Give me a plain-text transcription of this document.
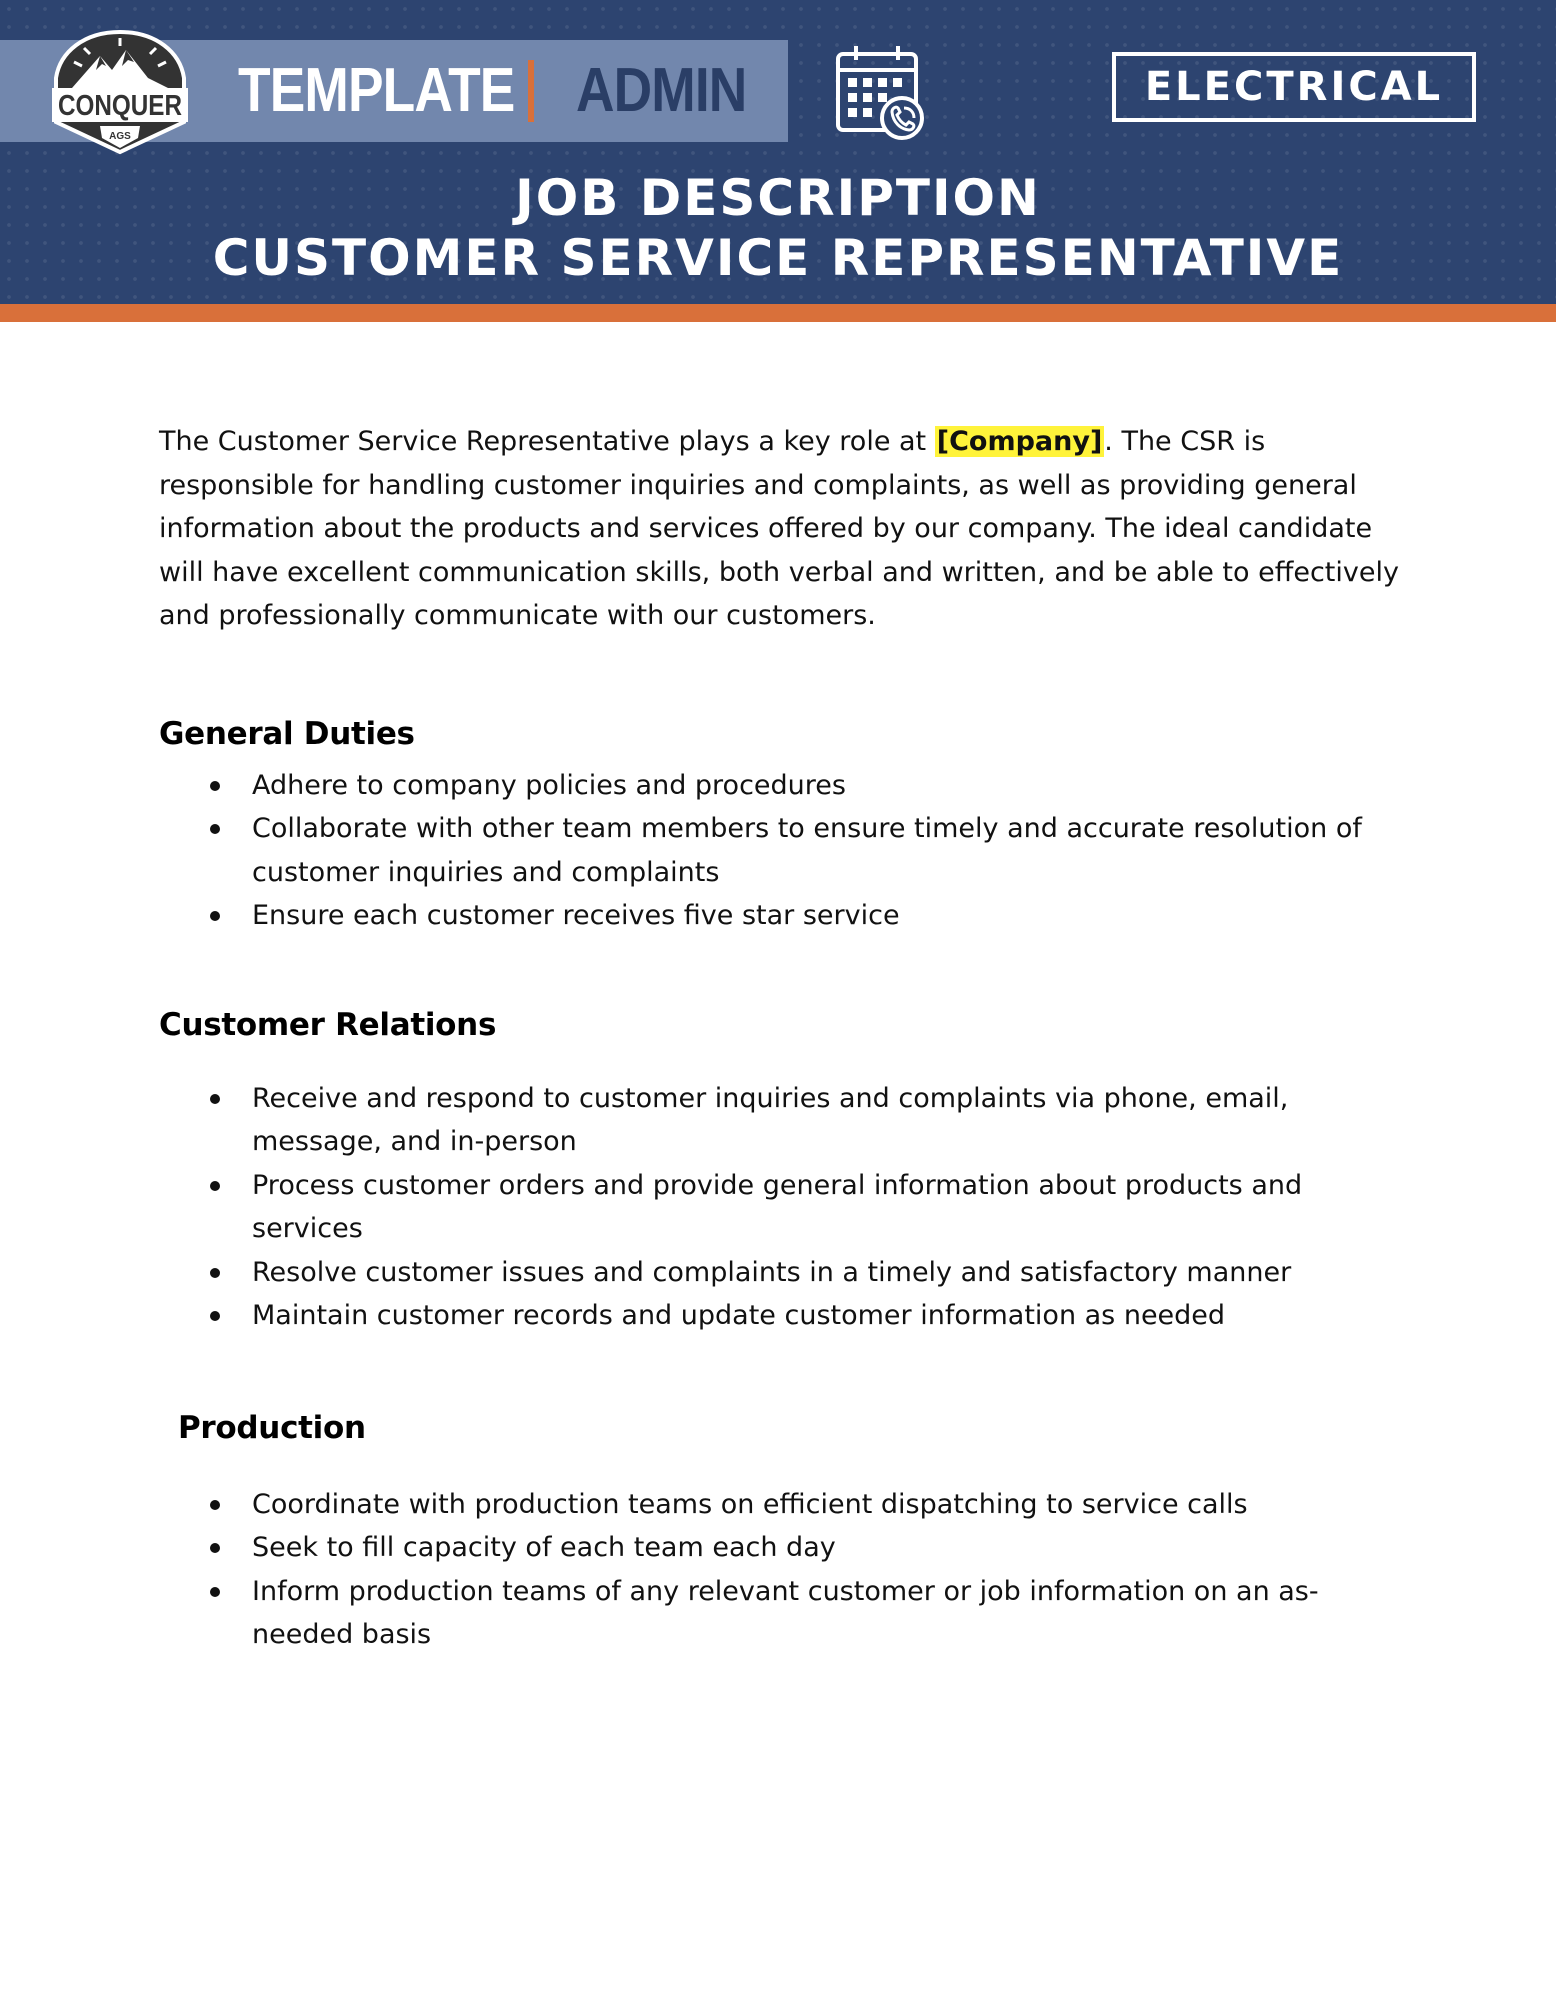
CONQUER
AGS
TEMPLATE ADMIN	ELECTRICAL
JOB DESCRIPTION
CUSTOMER SERVICE REPRESENTATIVE

The Customer Service Representative plays a key role at [Company]. The CSR is responsible for handling customer inquiries and complaints, as well as providing general information about the products and services offered by our company. The ideal candidate will have excellent communication skills, both verbal and written, and be able to effectively and professionally communicate with our customers.

General Duties
Adhere to company policies and procedures
Collaborate with other team members to ensure timely and accurate resolution of customer inquiries and complaints
Ensure each customer receives five star service
Customer Relations
Receive and respond to customer inquiries and complaints via phone, email, message, and in-person
Process customer orders and provide general information about products and services
Resolve customer issues and complaints in a timely and satisfactory manner
Maintain customer records and update customer information as needed
Production
Coordinate with production teams on efficient dispatching to service calls
Seek to fill capacity of each team each day
Inform production teams of any relevant customer or job information on an as-needed basis
